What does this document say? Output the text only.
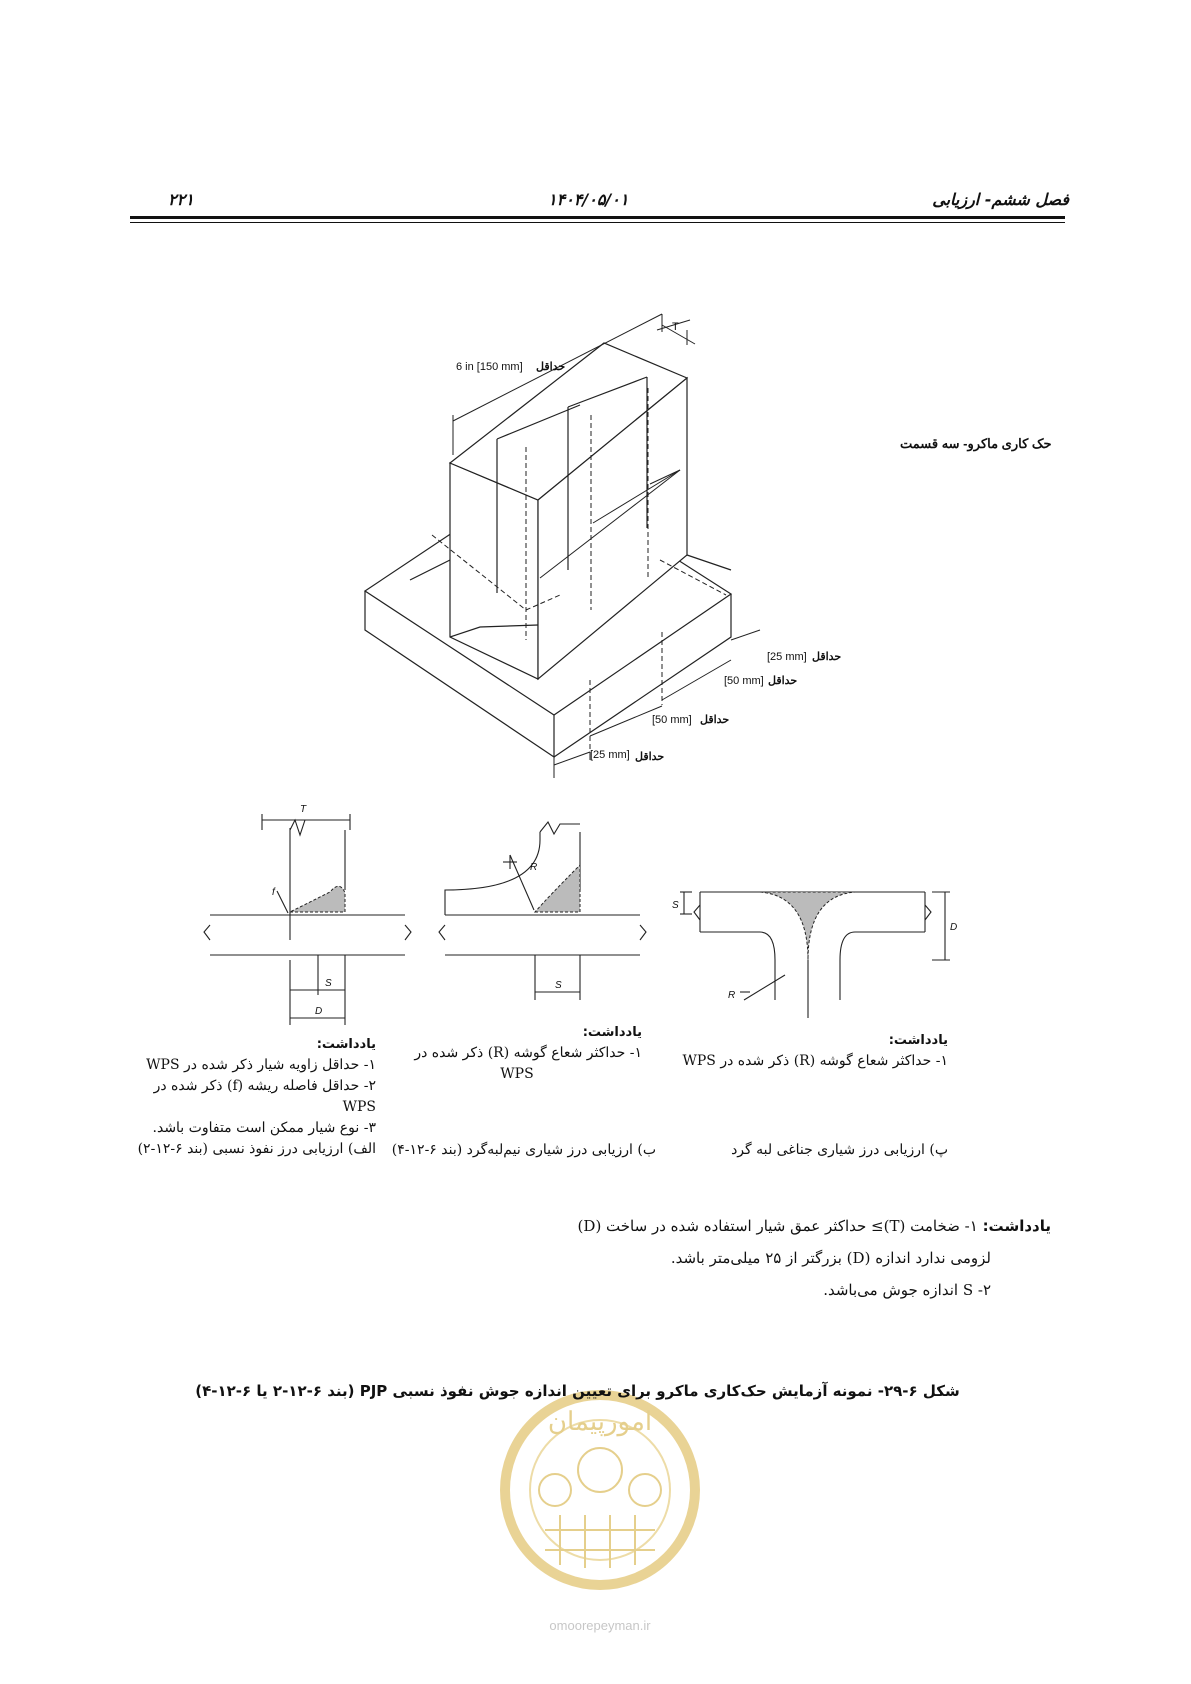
۲۲۱	۱۴۰۴/۰۵/۰۱	فصل ششم- ارزیابی
6 in [150 mm] حداقل
T
حک کاری ماکرو- سه قسمت
[25 mm] حداقل
[50 mm] حداقل
[50 mm] حداقل
[25 mm] حداقل
T
f
S
D
R
S
S
D
R
یادداشت:
۱- حداقل زاویه شیار ذکر شده در WPS
۲- حداقل فاصله ریشه (f) ذکر شده در
WPS
۳- نوع شیار ممکن است متفاوت باشد.
الف) ارزیابی درز نفوذ نسبی (بند ۶-۱۲-۲)
یادداشت:
۱- حداکثر شعاع گوشه (R) ذکر شده در
WPS
ب) ارزیابی درز شیاری نیم‌لبه‌گرد (بند ۶-۱۲-۴)
یادداشت:
۱- حداکثر شعاع گوشه (R) ذکر شده در WPS
پ) ارزیابی درز شیاری جناغی لبه گرد
یادداشت: ۱- ضخامت (T)≥ حداکثر عمق شیار استفاده شده در ساخت (D)
لزومی ندارد اندازه (D) بزرگتر از ۲۵ میلی‌متر باشد.
۲- S اندازه جوش می‌باشد.
امورپیمان
omoorepeyman.ir
شکل ۶-۲۹- نمونه آزمایش حک‌کاری ماکرو برای تعیین اندازه جوش نفوذ نسبی PJP (بند ۶-۱۲-۲ یا ۶-۱۲-۴)
